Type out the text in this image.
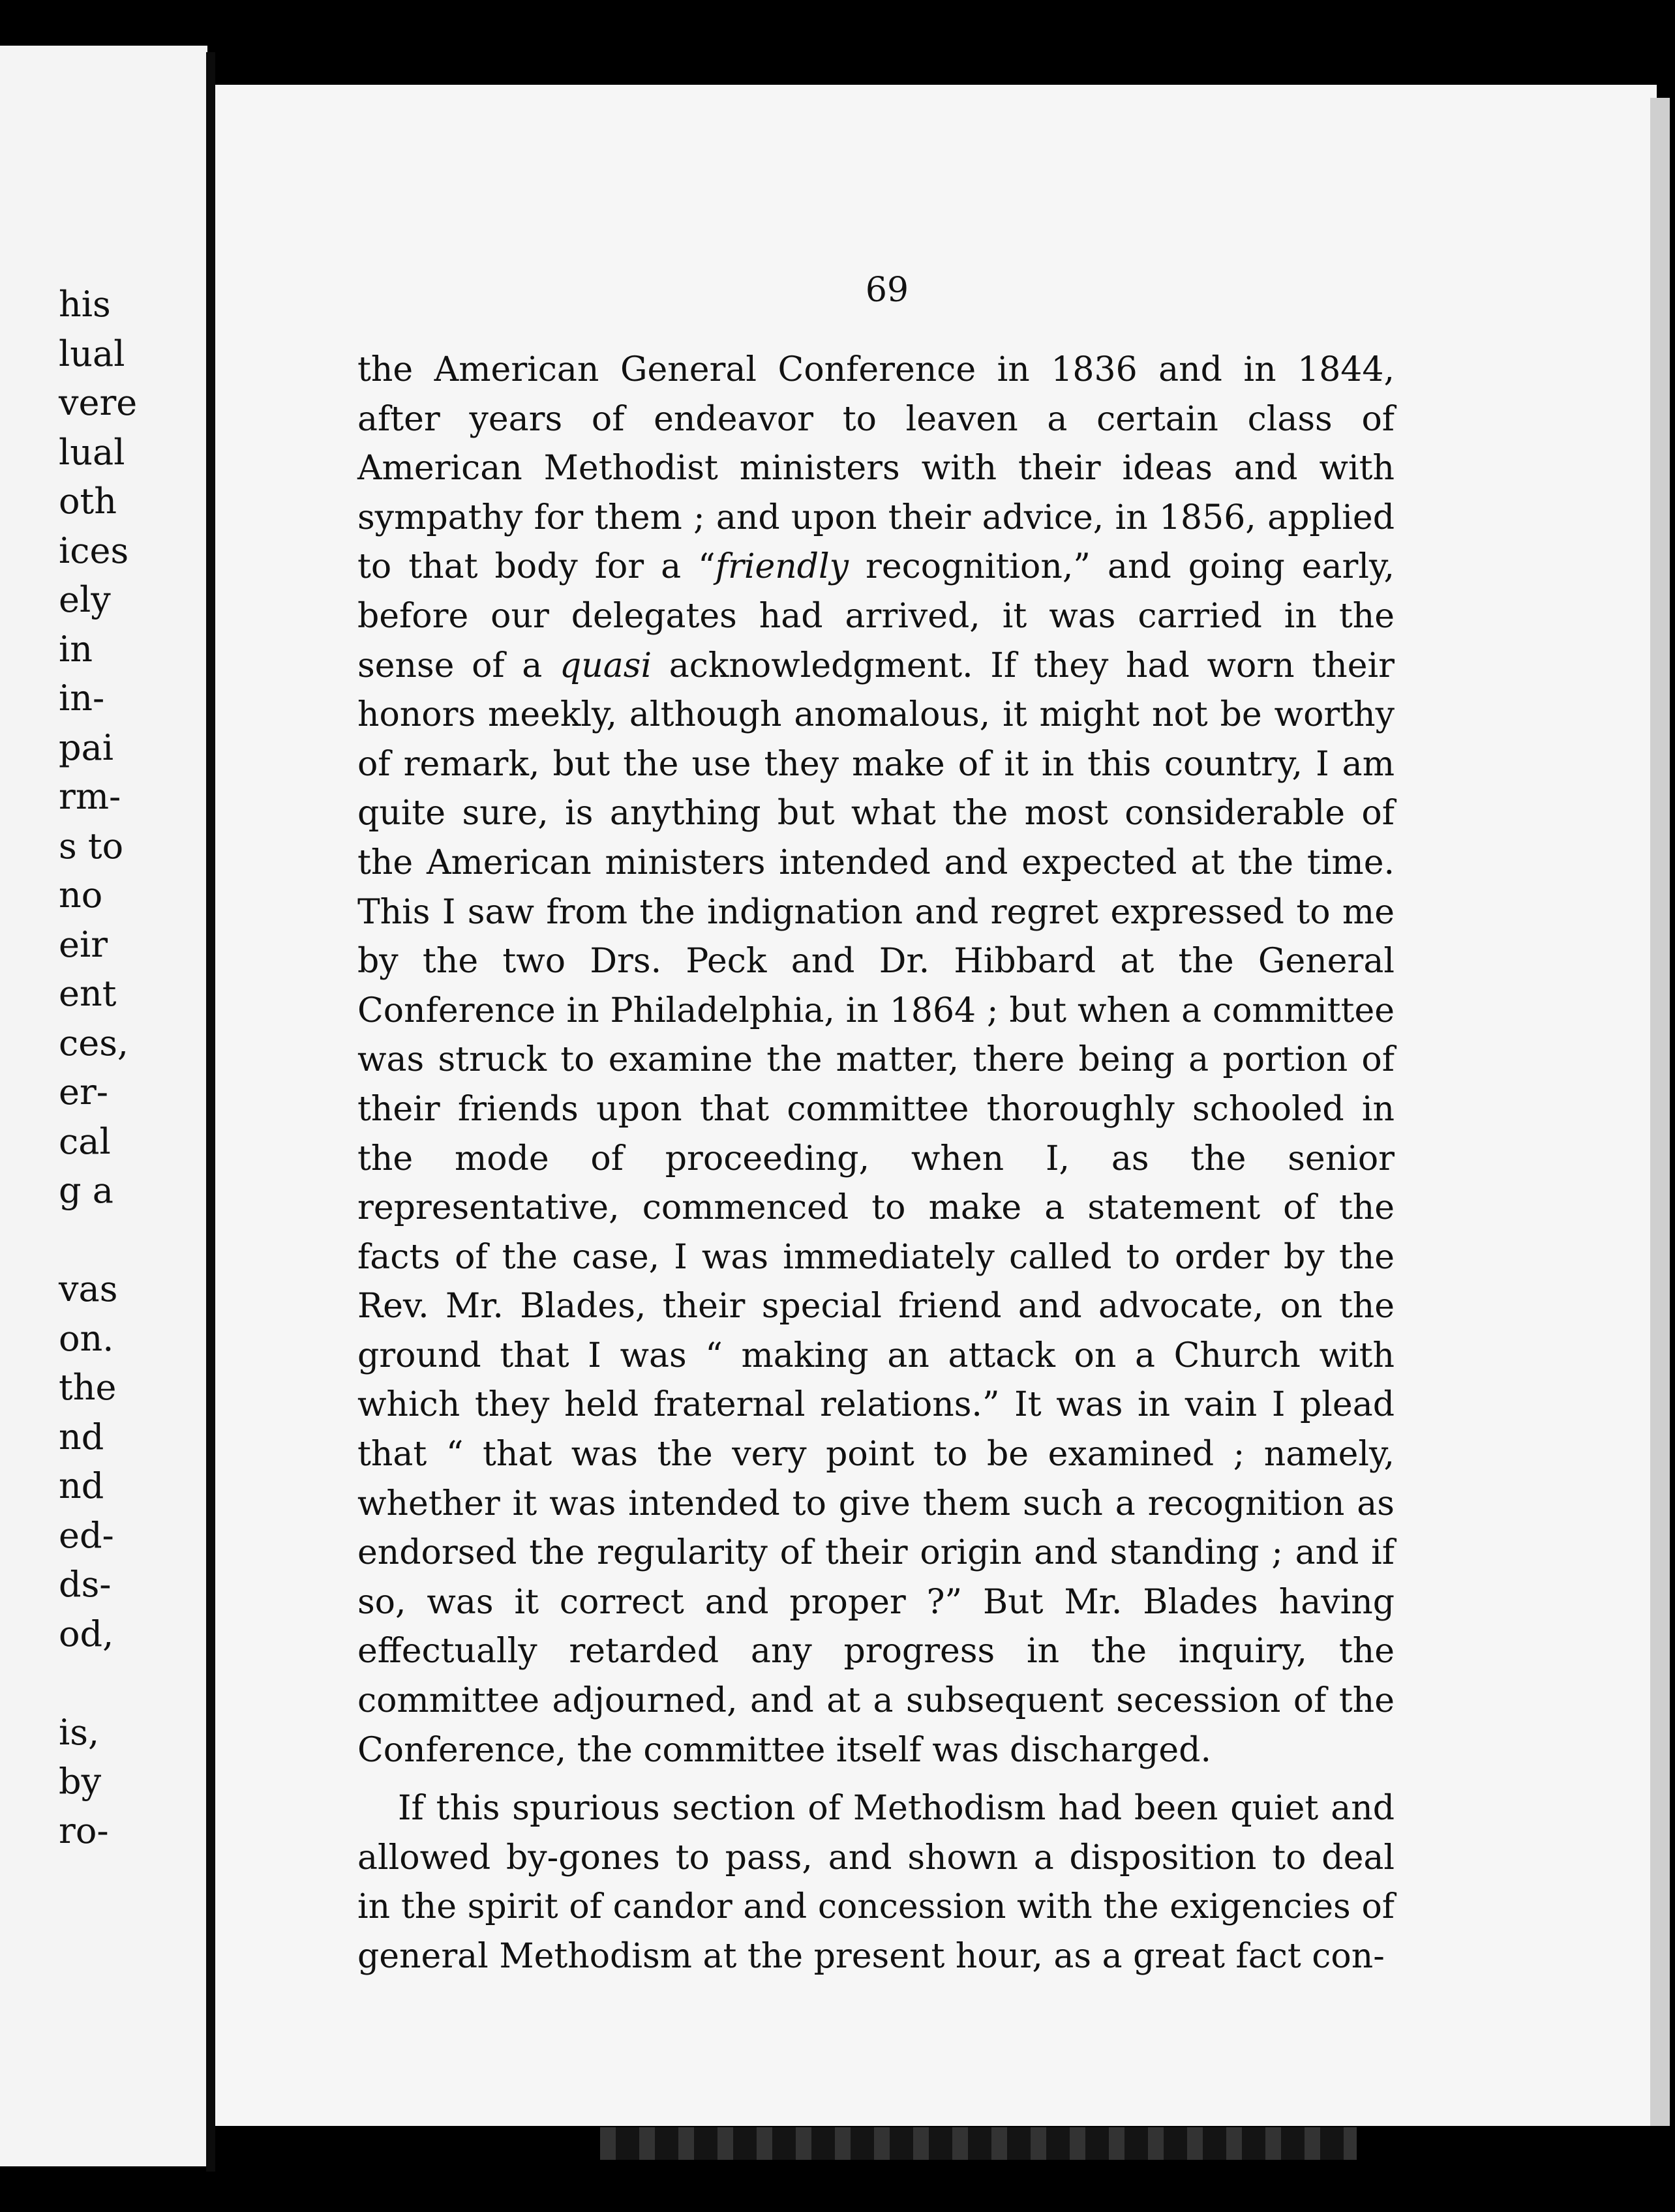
his
lual
vere
lual
oth
ices
ely
in
in-
pai
rm-
s to
no
eir
ent
ces,
er-
cal
g a
vas
on.
the
nd
nd
ed-
ds-
od,
is,
by
ro-
69

the American General Conference in 1836 and in 1844, after years of endeavor to leaven a certain class of American Methodist ministers with their ideas and with sympathy for them ; and upon their advice, in 1856, applied to that body for a “friendly recognition,” and going early, before our delegates had arrived, it was carried in the sense of a quasi acknowledgment. If they had worn their honors meekly, although anomalous, it might not be worthy of remark, but the use they make of it in this country, I am quite sure, is anything but what the most considerable of the American ministers intended and expected at the time. This I saw from the indignation and regret expressed to me by the two Drs. Peck and Dr. Hibbard at the General Conference in Philadelphia, in 1864 ; but when a committee was struck to examine the matter, there being a portion of their friends upon that committee thoroughly schooled in the mode of proceeding, when I, as the senior representative, commenced to make a statement of the facts of the case, I was immediately called to order by the Rev. Mr. Blades, their special friend and advocate, on the ground that I was “ making an attack on a Church with which they held fraternal relations.” It was in vain I plead that “ that was the very point to be examined ; namely, whether it was intended to give them such a recognition as endorsed the regularity of their origin and standing ; and if so, was it correct and proper ?” But Mr. Blades having effectually retarded any progress in the inquiry, the committee adjourned, and at a subsequent secession of the Conference, the committee itself was discharged.

If this spurious section of Methodism had been quiet and allowed by-gones to pass, and shown a disposition to deal in the spirit of candor and concession with the exigencies of general Methodism at the present hour, as a great fact con-
